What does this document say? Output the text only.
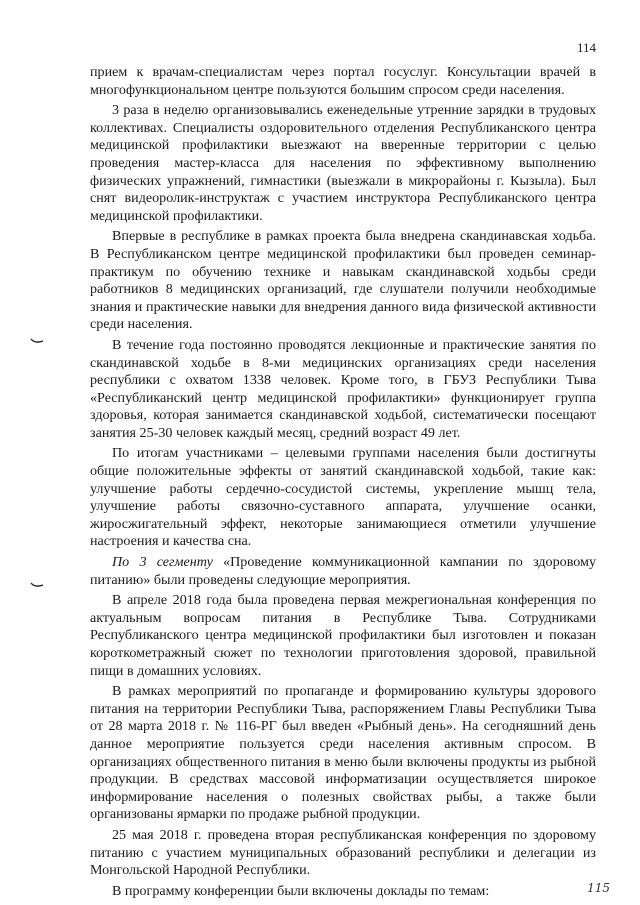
114

прием к врачам-специалистам через портал госуслуг. Консультации врачей в многофункциональном центре пользуются большим спросом среди населения.

3 раза в неделю организовывались еженедельные утренние зарядки в трудовых коллективах. Специалисты оздоровительного отделения Республиканского центра медицинской профилактики выезжают на вверенные территории с целью проведения мастер-класса для населения по эффективному выполнению физических упражнений, гимнастики (выезжали в микрорайоны г. Кызыла). Был снят видеоролик-инструктаж с участием инструктора Республиканского центра медицинской профилактики.

Впервые в республике в рамках проекта была внедрена скандинавская ходьба. В Республиканском центре медицинской профилактики был проведен семинар-практикум по обучению технике и навыкам скандинавской ходьбы среди работников 8 медицинских организаций, где слушатели получили необходимые знания и практические навыки для внедрения данного вида физической активности среди населения.

В течение года постоянно проводятся лекционные и практические занятия по скандинавской ходьбе в 8-ми медицинских организациях среди населения республики с охватом 1338 человек. Кроме того, в ГБУЗ Республики Тыва «Республиканский центр медицинской профилактики» функционирует группа здоровья, которая занимается скандинавской ходьбой, систематически посещают занятия 25-30 человек каждый месяц, средний возраст 49 лет.

По итогам участниками – целевыми группами населения были достигнуты общие положительные эффекты от занятий скандинавской ходьбой, такие как: улучшение работы сердечно-сосудистой системы, укрепление мышц тела, улучшение работы связочно-суставного аппарата, улучшение осанки, жиросжигательный эффект, некоторые занимающиеся отметили улучшение настроения и качества сна.

По 3 сегменту «Проведение коммуникационной кампании по здоровому питанию» были проведены следующие мероприятия.

В апреле 2018 года была проведена первая межрегиональная конференция по актуальным вопросам питания в Республике Тыва. Сотрудниками Республиканского центра медицинской профилактики был изготовлен и показан короткометражный сюжет по технологии приготовления здоровой, правильной пищи в домашних условиях.

В рамках мероприятий по пропаганде и формированию культуры здорового питания на территории Республики Тыва, распоряжением Главы Республики Тыва от 28 марта 2018 г. № 116-РГ был введен «Рыбный день». На сегодняшний день данное мероприятие пользуется среди населения активным спросом. В организациях общественного питания в меню были включены продукты из рыбной продукции. В средствах массовой информатизации осуществляется широкое информирование населения о полезных свойствах рыбы, а также были организованы ярмарки по продаже рыбной продукции.

25 мая 2018 г. проведена вторая республиканская конференция по здоровому питанию с участием муниципальных образований республики и делегации из Монгольской Народной Республики.

В программу конференции были включены доклады по темам:	115
